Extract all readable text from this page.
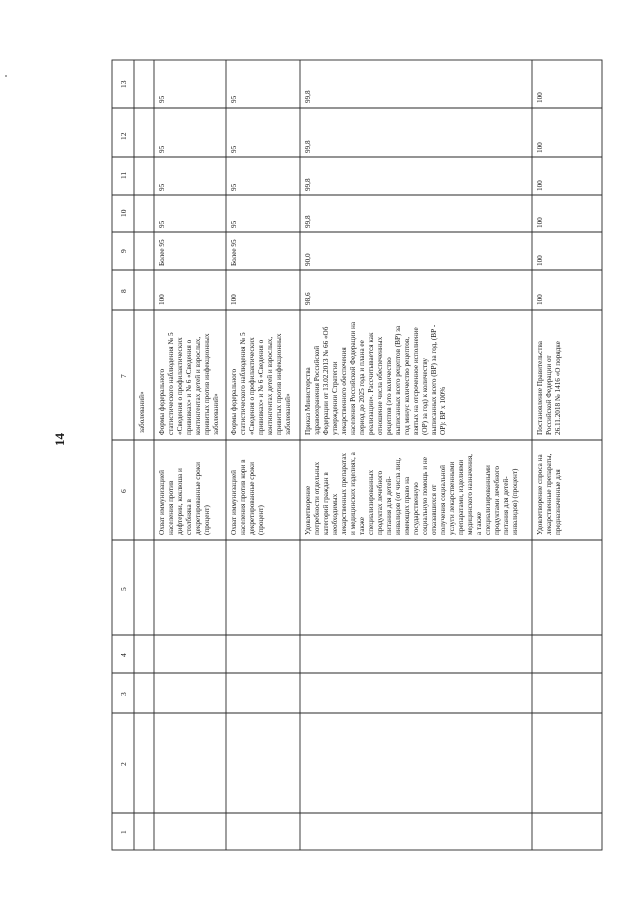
14
1
2
3
4
5
6
7
8
9
10
11
12
13
заболеваний»
Охват иммунизацией населения против дифтерии, коклюша и столбняка в декретированные сроки (процент)
Формы федерального статистического наблюдения № 5 «Сведения о профилактических прививках» и № 6 «Сведения о контингентах детей и взрослых, привитых против инфекционных заболеваний»
100
Более 95
95
95
95
95
Охват иммунизацией населения против кори в декретированные сроки (процент)
Формы федерального статистического наблюдения № 5 «Сведения о профилактических прививках» и № 6 «Сведения о контингентах детей и взрослых, привитых против инфекционных заболеваний»
100
Более 95
95
95
95
95
Удовлетворение потребности отдельных категорий граждан в необходимых лекарственных препаратах и медицинских изделиях, а также специализированных продуктах лечебного питания для детей- инвалидов (от числа лиц, имеющих право на государственную социальную помощь и не отказавшихся от получения социальной услуги лекарственными препаратами, изделиями медицинского назначения, а также специализированными продуктами лечебного питания для детей- инвалидов) (процент)
Приказ Министерства здравоохранения Российской Федерации от 13.02.2013 № 66 «Об утверждении Стратегии лекарственного обеспечения населения Российской Федерации на период до 2025 года и плана ее реализации». Рассчитывается как отношение числа обеспеченных рецептов (это количество выписанных всего рецептов (ВР) за год минус количество рецептов, взятых на отсроченное исполнение (ОР) за год) к количеству выписанных всего (ВР) за год, (ВР - ОР): ВР x 100%
98,6
90,0
99,8
99,8
99,8
99,8
Удовлетворение спроса на лекарственные препараты, предназначенные для
Постановление Правительства Российской Федерации от 26.11.2018 № 1416 «О порядке
100
100
100
100
100
100
